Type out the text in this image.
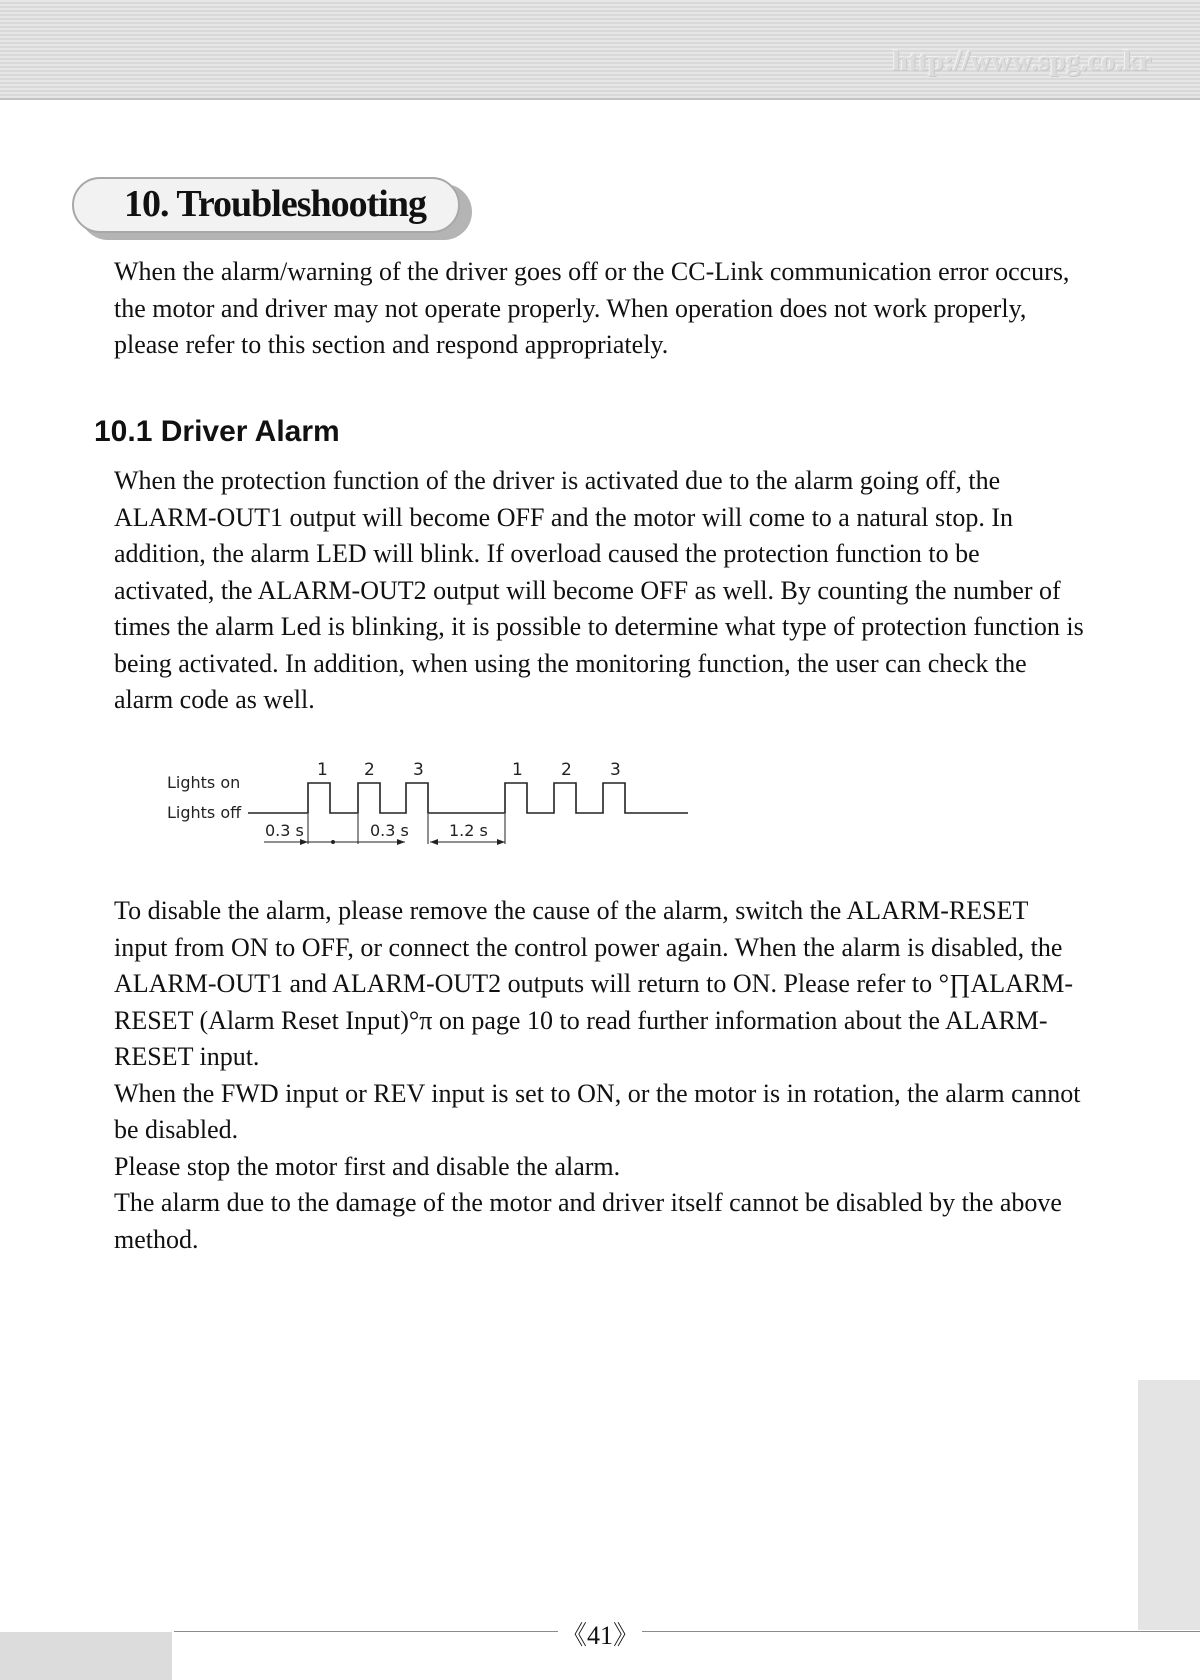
http://www.spg.co.kr
10. Troubleshooting
When the alarm/warning of the driver goes off or the CC-Link communication error occurs,
the motor and driver may not operate properly. When operation does not work properly,
please refer to this section and respond appropriately.
10.1 Driver Alarm
When the protection function of the driver is activated due to the alarm going off, the
ALARM-OUT1 output will become OFF and the motor will come to a natural stop. In
addition, the alarm LED will blink. If overload caused the protection function to be
activated, the ALARM-OUT2 output will become OFF as well. By counting the number of
times the alarm Led is blinking, it is possible to determine what type of protection function is
being activated. In addition, when using the monitoring function, the user can check the
alarm code as well.
Lights on
Lights off
1 2 3	1 2 3
0.3 s	0.3 s	1.2 s
To disable the alarm, please remove the cause of the alarm, switch the ALARM-RESET
input from ON to OFF, or connect the control power again. When the alarm is disabled, the
ALARM-OUT1 and ALARM-OUT2 outputs will return to ON. Please refer to °∏ALARM-
RESET (Alarm Reset Input)°π on page 10 to read further information about the ALARM-
RESET input.
When the FWD input or REV input is set to ON, or the motor is in rotation, the alarm cannot
be disabled.
Please stop the motor first and disable the alarm.
The alarm due to the damage of the motor and driver itself cannot be disabled by the above
method.
《41》
